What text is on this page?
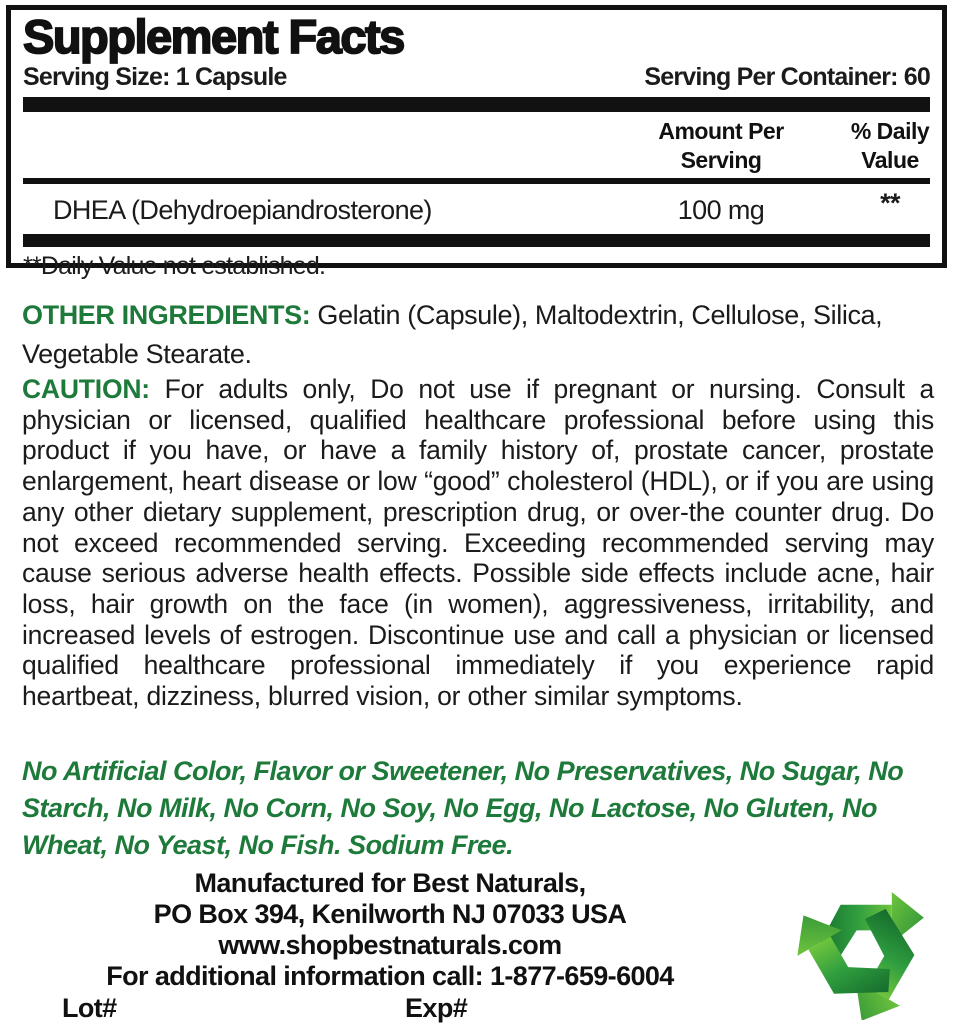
Supplement Facts
Serving Size: 1 Capsule	Serving Per Container: 60
Amount Per Serving
% Daily Value
DHEA (Dehydroepiandrosterone)	100 mg	**
**Daily Value not established.

OTHER INGREDIENTS: Gelatin (Capsule), Maltodextrin, Cellulose, Silica, Vegetable Stearate.

CAUTION: For adults only, Do not use if pregnant or nursing. Consult a physician or licensed, qualified healthcare professional before using this product if you have, or have a family history of, prostate cancer, prostate enlargement, heart disease or low “good” cholesterol (HDL), or if you are using any other dietary supplement, prescription drug, or over-the counter drug. Do not exceed recommended serving. Exceeding recommended serving may cause serious adverse health effects. Possible side effects include acne, hair loss, hair growth on the face (in women), aggressiveness, irritability, and increased levels of estrogen. Discontinue use and call a physician or licensed qualified healthcare professional immediately if you experience rapid heartbeat, dizziness, blurred vision, or other similar symptoms.

No Artificial Color, Flavor or Sweetener, No Preservatives, No Sugar, No Starch, No Milk, No Corn, No Soy, No Egg, No Lactose, No Gluten, No Wheat, No Yeast, No Fish. Sodium Free.

Manufactured for Best Naturals,
PO Box 394, Kenilworth NJ 07033 USA
www.shopbestnaturals.com
For additional information call: 1-877-659-6004
Lot#	Exp#
